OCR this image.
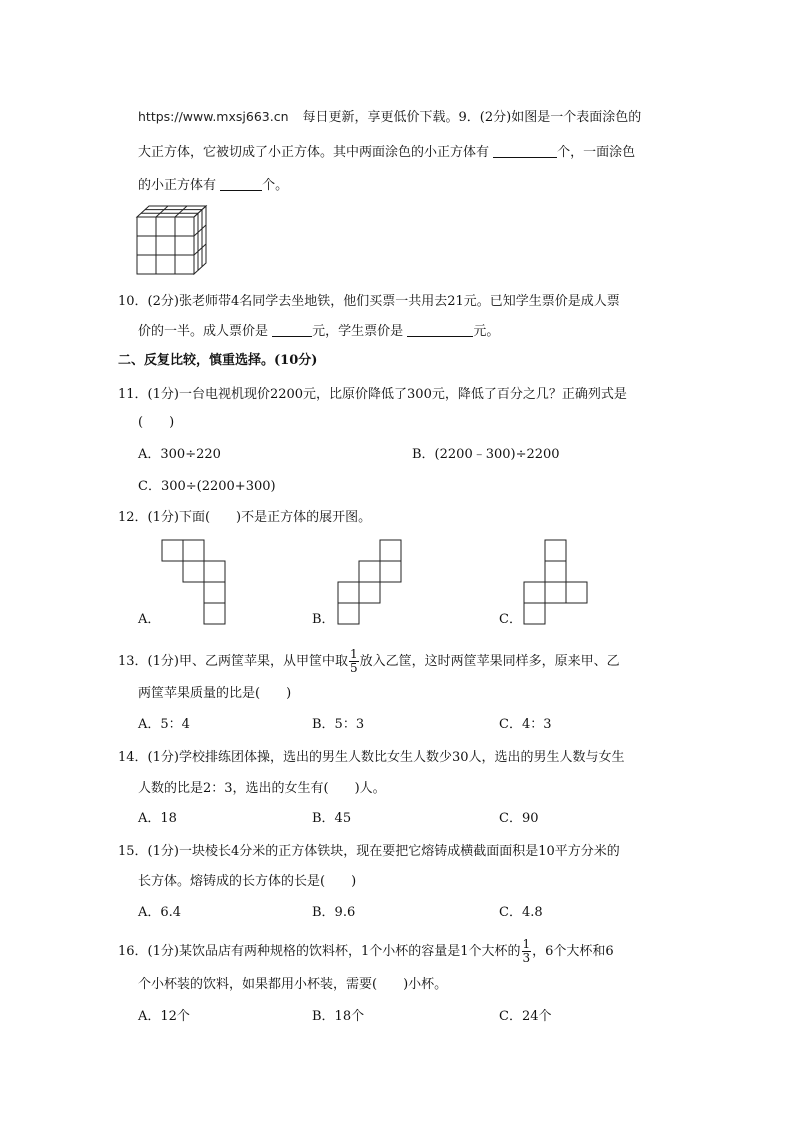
https://www.mxsj663.cn 每日更新，享更低价下载。9．(2分)如图是一个表面涂色的
大正方体，它被切成了小正方体。其中两面涂色的小正方体有	个，一面涂色
的小正方体有	个。
10．(2分)张老师带4名同学去坐地铁，他们买票一共用去21元。已知学生票价是成人票
价的一半。成人票价是	元，学生票价是	元。
二、反复比较，慎重选择。(10分)
11．(1分)一台电视机现价2200元，比原价降低了300元，降低了百分之几？正确列式是
(　　)
A．300÷220	B．(2200﹣300)÷2200
C．300÷(2200+300)
12．(1分)下面(　　)不是正方体的展开图。
A．	B．	C．
13．(1分)甲、乙两筐苹果，从甲筐中取 $\frac{1}{5}$ 放入乙筐，这时两筐苹果同样多，原来甲、乙
两筐苹果质量的比是(　　)
A．5：4	B．5：3	C．4：3
14．(1分)学校排练团体操，选出的男生人数比女生人数少30人，选出的男生人数与女生
人数的比是2：3，选出的女生有(　　)人。
A．18	B．45	C．90
15．(1分)一块棱长4分米的正方体铁块，现在要把它熔铸成横截面面积是10平方分米的
长方体。熔铸成的长方体的长是(　　)
A．6.4	B．9.6	C．4.8
16．(1分)某饮品店有两种规格的饮料杯，1个小杯的容量是1个大杯的 $\frac{1}{3}$ ，6个大杯和6
个小杯装的饮料，如果都用小杯装，需要(　　)小杯。
A．12个	B．18个	C．24个
